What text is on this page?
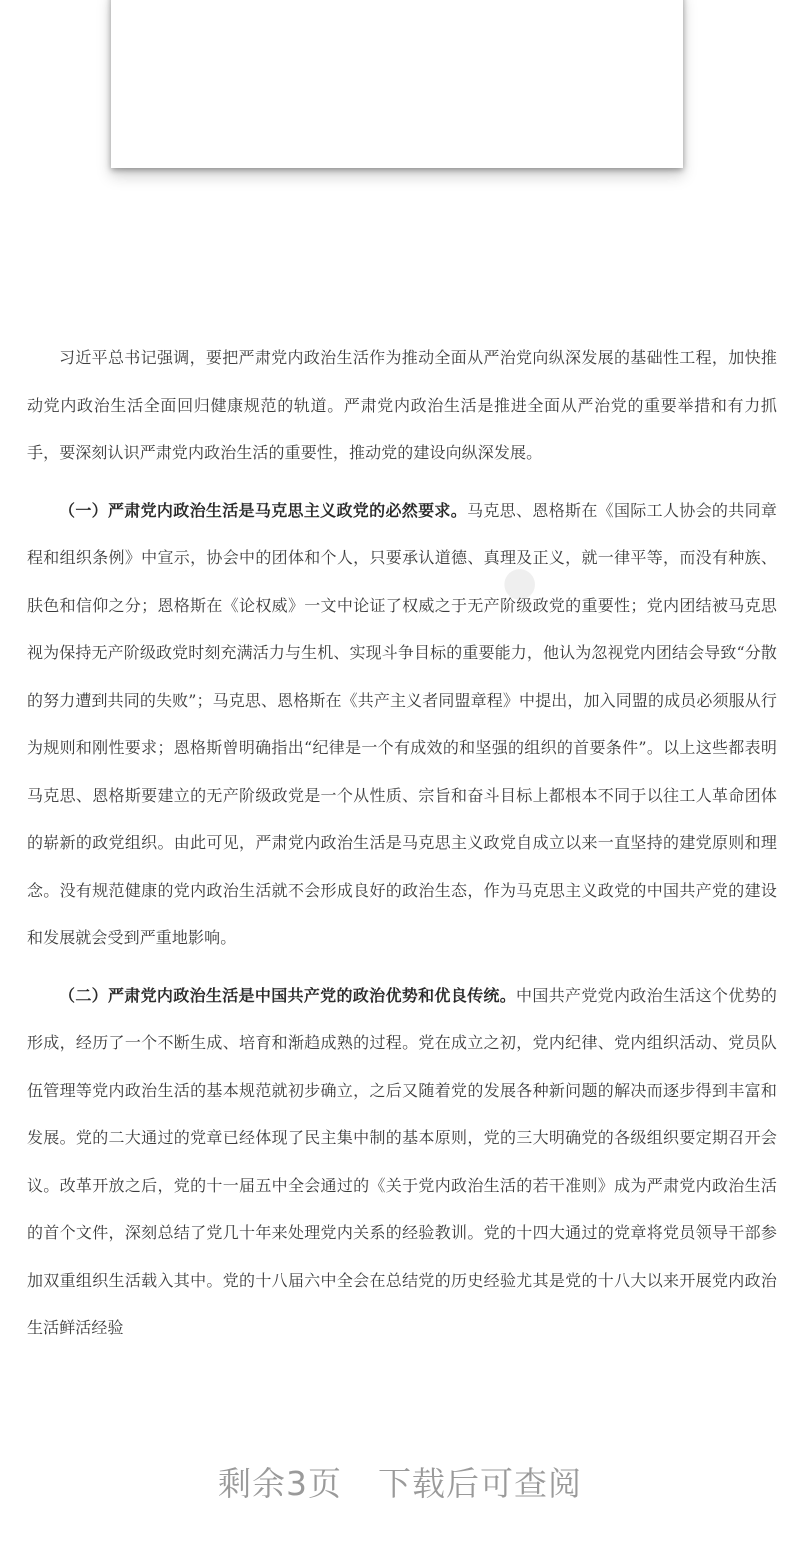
●

习近平总书记强调，要把严肃党内政治生活作为推动全面从严治党向纵深发展的基础性工程，加快推动党内政治生活全面回归健康规范的轨道。严肃党内政治生活是推进全面从严治党的重要举措和有力抓手，要深刻认识严肃党内政治生活的重要性，推动党的建设向纵深发展。

（一）严肃党内政治生活是马克思主义政党的必然要求。马克思、恩格斯在《国际工人协会的共同章程和组织条例》中宣示，协会中的团体和个人，只要承认道德、真理及正义，就一律平等，而没有种族、肤色和信仰之分；恩格斯在《论权威》一文中论证了权威之于无产阶级政党的重要性；党内团结被马克思视为保持无产阶级政党时刻充满活力与生机、实现斗争目标的重要能力，他认为忽视党内团结会导致“分散的努力遭到共同的失败”；马克思、恩格斯在《共产主义者同盟章程》中提出，加入同盟的成员必须服从行为规则和刚性要求；恩格斯曾明确指出“纪律是一个有成效的和坚强的组织的首要条件”。以上这些都表明马克思、恩格斯要建立的无产阶级政党是一个从性质、宗旨和奋斗目标上都根本不同于以往工人革命团体的崭新的政党组织。由此可见，严肃党内政治生活是马克思主义政党自成立以来一直坚持的建党原则和理念。没有规范健康的党内政治生活就不会形成良好的政治生态，作为马克思主义政党的中国共产党的建设和发展就会受到严重地影响。

（二）严肃党内政治生活是中国共产党的政治优势和优良传统。中国共产党党内政治生活这个优势的形成，经历了一个不断生成、培育和渐趋成熟的过程。党在成立之初，党内纪律、党内组织活动、党员队伍管理等党内政治生活的基本规范就初步确立，之后又随着党的发展各种新问题的解决而逐步得到丰富和发展。党的二大通过的党章已经体现了民主集中制的基本原则，党的三大明确党的各级组织要定期召开会议。改革开放之后，党的十一届五中全会通过的《关于党内政治生活的若干准则》成为严肃党内政治生活的首个文件，深刻总结了党几十年来处理党内关系的经验教训。党的十四大通过的党章将党员领导干部参加双重组织生活载入其中。党的十八届六中全会在总结党的历史经验尤其是党的十八大以来开展党内政治生活鲜活经验

剩余3页 下载后可查阅
